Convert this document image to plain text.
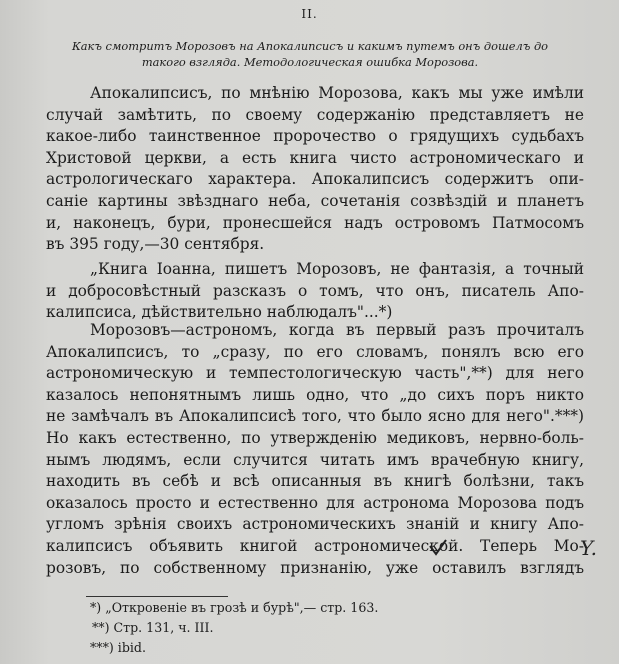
II.
Какъ смотритъ Морозовъ на Апокалипсисъ и какимъ путемъ онъ дошелъ до
такого взгляда. Методологическая ошибка Морозова.
Апокалипсисъ, по мнѣнію Морозова, какъ мы уже имѣли
случай замѣтить, по своему содержанію представляетъ не
какое-либо таинственное пророчество о грядущихъ судьбахъ
Христовой церкви, а есть книга чисто астрономическаго и
астрологическаго характера. Апокалипсисъ содержитъ опи-
саніе картины звѣзднаго неба, сочетанія созвѣздій и планетъ
и, наконецъ, бури, пронесшейся надъ островомъ Патмосомъ
въ 395 году,—30 сентября.
„Книга Іоанна, пишетъ Морозовъ, не фантазія, а точный
и добросовѣстный разсказъ о томъ, что онъ, писатель Апо-
калипсиса, дѣйствительно наблюдалъ"...*)
Морозовъ—астрономъ, когда въ первый разъ прочиталъ
Апокалипсисъ, то „сразу, по его словамъ, понялъ всю его
астрономическую и темпестологическую часть",**) для него
казалось непонятнымъ лишь одно, что „до сихъ поръ никто
не замѣчалъ въ Апокалипсисѣ того, что было ясно для него".***)
Но какъ естественно, по утвержденію медиковъ, нервно-боль-
нымъ людямъ, если случится читать имъ врачебную книгу,
находить въ себѣ и всѣ описанныя въ книгѣ болѣзни, такъ
оказалось просто и естественно для астронома Морозова подъ
угломъ зрѣнія своихъ астрономическихъ знаній и книгу Апо-
калипсисъ объявить книгой астрономической. Теперь Мо-
розовъ, по собственному признанію, уже оставилъ взглядъ
Y.
*) „Откровеніе въ грозѣ и бурѣ",— стр. 163.
**) Стр. 131, ч. III.
***) ibid.
